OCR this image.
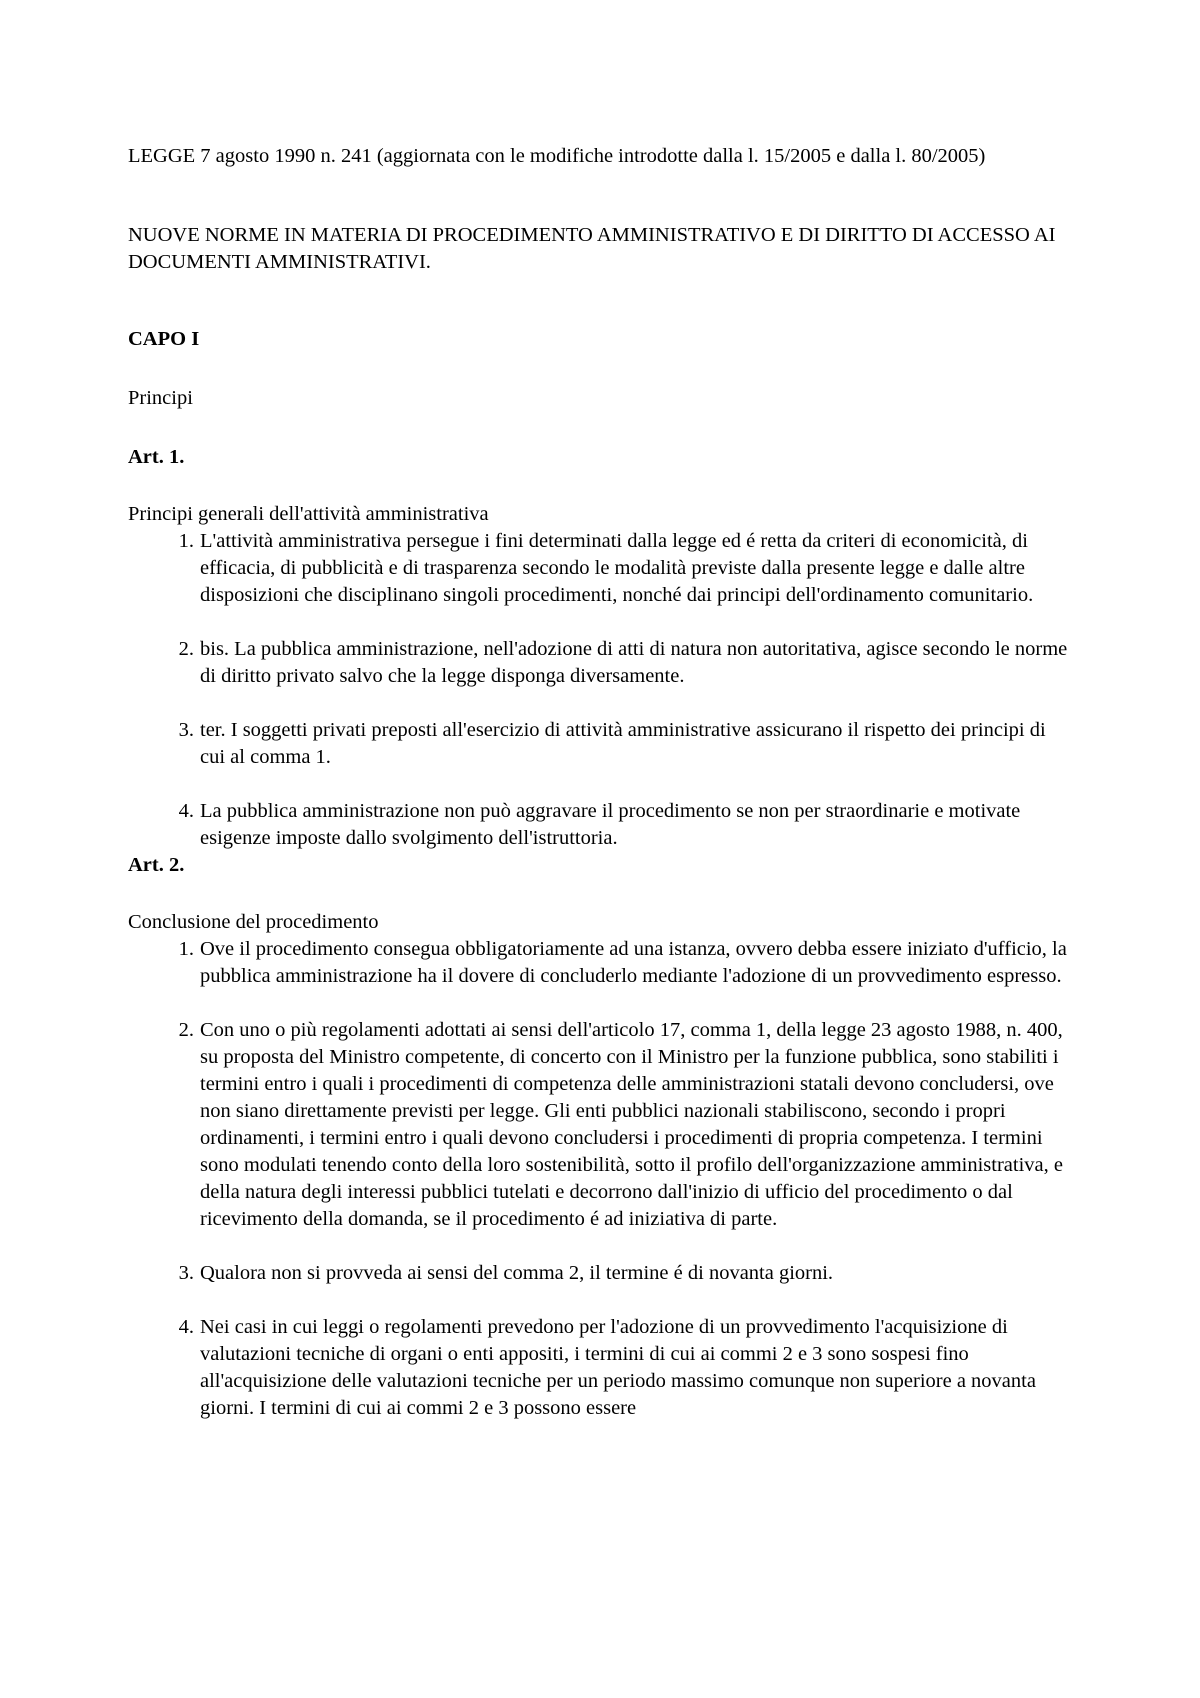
LEGGE 7 agosto 1990 n. 241 (aggiornata con le modifiche introdotte dalla l. 15/2005 e dalla l. 80/2005)

NUOVE NORME IN MATERIA DI PROCEDIMENTO AMMINISTRATIVO E DI DIRITTO DI ACCESSO AI DOCUMENTI AMMINISTRATIVI.

CAPO I

Principi

Art. 1.

Principi generali dell'attività amministrativa

1. L'attività amministrativa persegue i fini determinati dalla legge ed é retta da criteri di economicità, di efficacia, di pubblicità e di trasparenza secondo le modalità previste dalla presente legge e dalle altre disposizioni che disciplinano singoli procedimenti, nonché dai principi dell'ordinamento comunitario.
2. bis. La pubblica amministrazione, nell'adozione di atti di natura non autoritativa, agisce secondo le norme di diritto privato salvo che la legge disponga diversamente.
3. ter. I soggetti privati preposti all'esercizio di attività amministrative assicurano il rispetto dei principi di cui al comma 1.
4. La pubblica amministrazione non può aggravare il procedimento se non per straordinarie e motivate esigenze imposte dallo svolgimento dell'istruttoria.

Art. 2.

Conclusione del procedimento

1. Ove il procedimento consegua obbligatoriamente ad una istanza, ovvero debba essere iniziato d'ufficio, la pubblica amministrazione ha il dovere di concluderlo mediante l'adozione di un provvedimento espresso.
2. Con uno o più regolamenti adottati ai sensi dell'articolo 17, comma 1, della legge 23 agosto 1988, n. 400, su proposta del Ministro competente, di concerto con il Ministro per la funzione pubblica, sono stabiliti i termini entro i quali i procedimenti di competenza delle amministrazioni statali devono concludersi, ove non siano direttamente previsti per legge. Gli enti pubblici nazionali stabiliscono, secondo i propri ordinamenti, i termini entro i quali devono concludersi i procedimenti di propria competenza. I termini sono modulati tenendo conto della loro sostenibilità, sotto il profilo dell'organizzazione amministrativa, e della natura degli interessi pubblici tutelati e decorrono dall'inizio di ufficio del procedimento o dal ricevimento della domanda, se il procedimento é ad iniziativa di parte.
3. Qualora non si provveda ai sensi del comma 2, il termine é di novanta giorni.
4. Nei casi in cui leggi o regolamenti prevedono per l'adozione di un provvedimento l'acquisizione di valutazioni tecniche di organi o enti appositi, i termini di cui ai commi 2 e 3 sono sospesi fino all'acquisizione delle valutazioni tecniche per un periodo massimo comunque non superiore a novanta giorni. I termini di cui ai commi 2 e 3 possono essere
